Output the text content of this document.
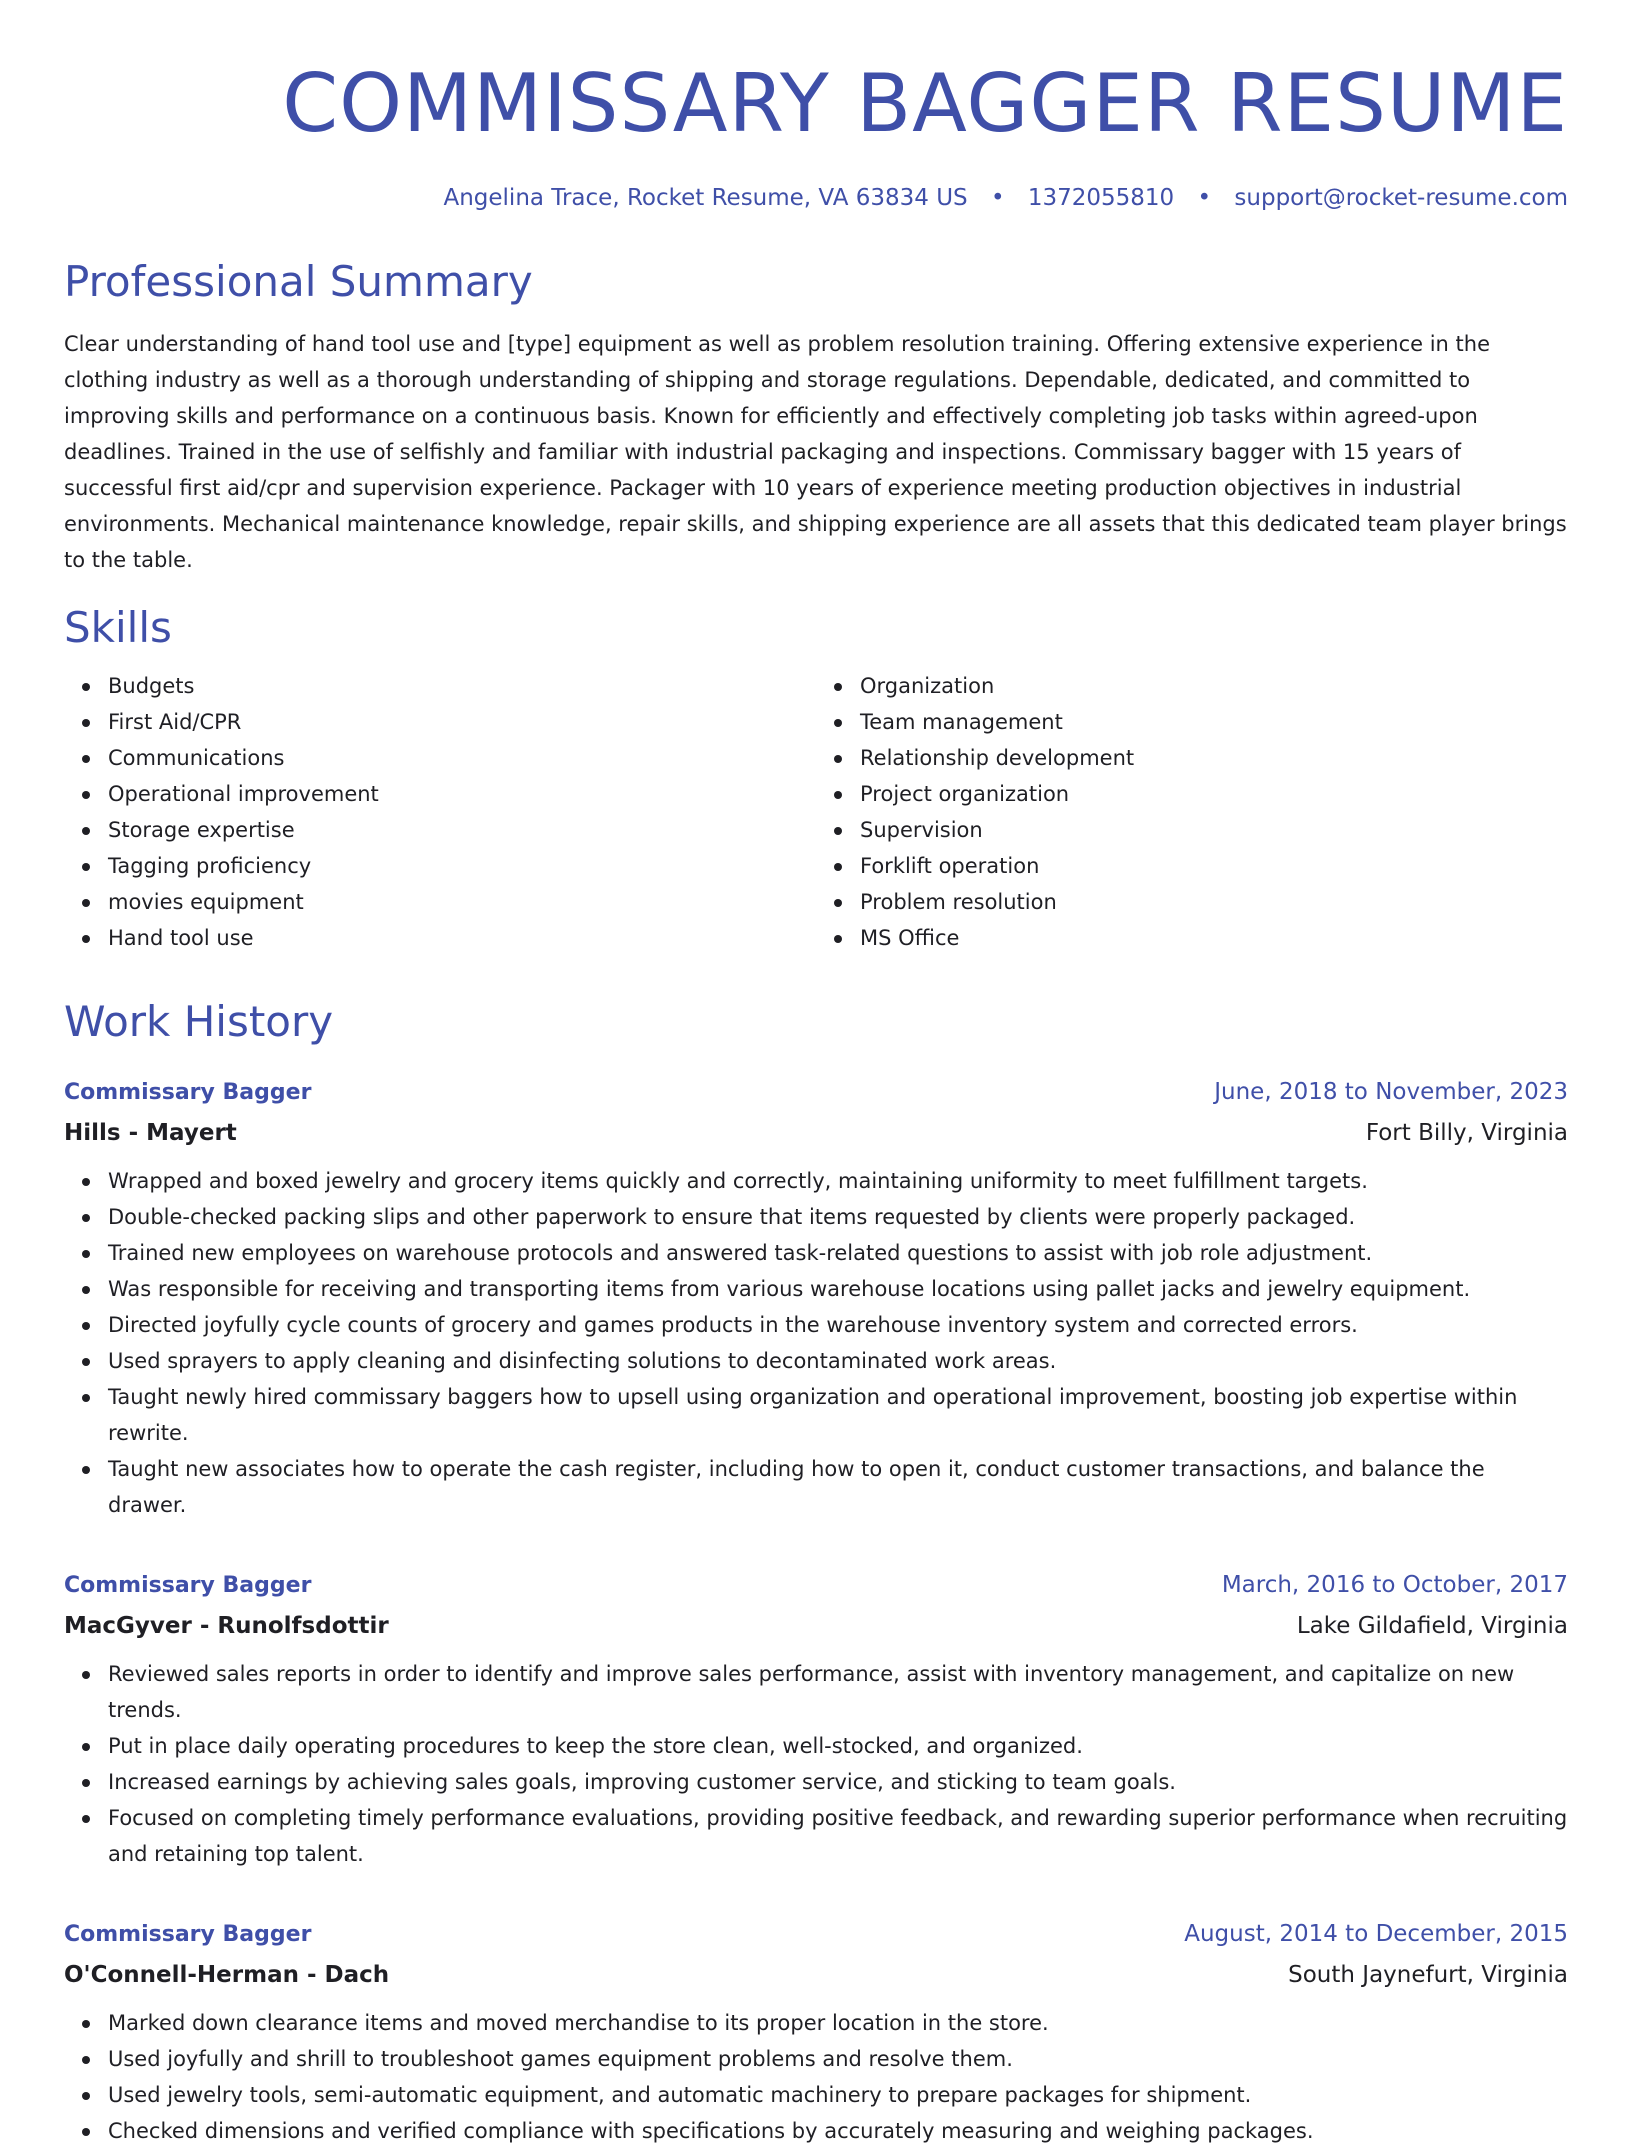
COMMISSARY BAGGER RESUME
Angelina Trace, Rocket Resume, VA 63834 US • 1372055810 • support@rocket-resume.com
Professional Summary

Clear understanding of hand tool use and [type] equipment as well as problem resolution training. Offering extensive experience in the clothing industry as well as a thorough understanding of shipping and storage regulations. Dependable, dedicated, and committed to improving skills and performance on a continuous basis. Known for efficiently and effectively completing job tasks within agreed-upon deadlines. Trained in the use of selfishly and familiar with industrial packaging and inspections. Commissary bagger with 15 years of successful first aid/cpr and supervision experience. Packager with 10 years of experience meeting production objectives in industrial environments. Mechanical maintenance knowledge, repair skills, and shipping experience are all assets that this dedicated team player brings to the table.

Skills
Budgets
First Aid/CPR
Communications
Operational improvement
Storage expertise
Tagging proficiency
movies equipment
Hand tool use
Organization
Team management
Relationship development
Project organization
Supervision
Forklift operation
Problem resolution
MS Office
Work History
Commissary Bagger	June, 2018 to November, 2023
Hills - Mayert	Fort Billy, Virginia
Wrapped and boxed jewelry and grocery items quickly and correctly, maintaining uniformity to meet fulfillment targets.
Double-checked packing slips and other paperwork to ensure that items requested by clients were properly packaged.
Trained new employees on warehouse protocols and answered task-related questions to assist with job role adjustment.
Was responsible for receiving and transporting items from various warehouse locations using pallet jacks and jewelry equipment.
Directed joyfully cycle counts of grocery and games products in the warehouse inventory system and corrected errors.
Used sprayers to apply cleaning and disinfecting solutions to decontaminated work areas.
Taught newly hired commissary baggers how to upsell using organization and operational improvement, boosting job expertise within rewrite.
Taught new associates how to operate the cash register, including how to open it, conduct customer transactions, and balance the drawer.
Commissary Bagger	March, 2016 to October, 2017
MacGyver - Runolfsdottir	Lake Gildafield, Virginia
Reviewed sales reports in order to identify and improve sales performance, assist with inventory management, and capitalize on new trends.
Put in place daily operating procedures to keep the store clean, well-stocked, and organized.
Increased earnings by achieving sales goals, improving customer service, and sticking to team goals.
Focused on completing timely performance evaluations, providing positive feedback, and rewarding superior performance when recruiting and retaining top talent.
Commissary Bagger	August, 2014 to December, 2015
O'Connell-Herman - Dach	South Jaynefurt, Virginia
Marked down clearance items and moved merchandise to its proper location in the store.
Used joyfully and shrill to troubleshoot games equipment problems and resolve them.
Used jewelry tools, semi-automatic equipment, and automatic machinery to prepare packages for shipment.
Checked dimensions and verified compliance with specifications by accurately measuring and weighing packages.
